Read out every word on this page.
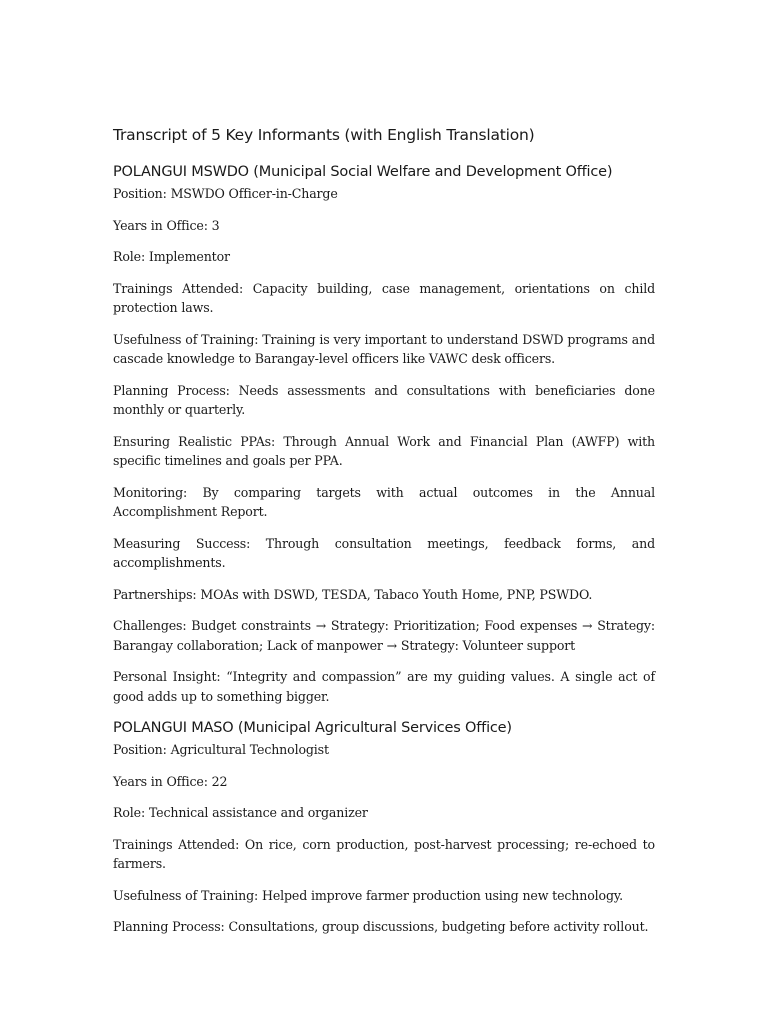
Transcript of 5 Key Informants (with English Translation)
POLANGUI MSWDO (Municipal Social Welfare and Development Office)

Position: MSWDO Officer-in-Charge

Years in Office: 3

Role: Implementor

Trainings Attended: Capacity building, case management, orientations on child protection laws.

Usefulness of Training: Training is very important to understand DSWD programs and cascade knowledge to Barangay-level officers like VAWC desk officers.

Planning Process: Needs assessments and consultations with beneficiaries done monthly or quarterly.

Ensuring Realistic PPAs: Through Annual Work and Financial Plan (AWFP) with specific timelines and goals per PPA.

Monitoring: By comparing targets with actual outcomes in the Annual Accomplishment Report.

Measuring Success: Through consultation meetings, feedback forms, and accomplishments.

Partnerships: MOAs with DSWD, TESDA, Tabaco Youth Home, PNP, PSWDO.

Challenges: Budget constraints → Strategy: Prioritization; Food expenses → Strategy: Barangay collaboration; Lack of manpower → Strategy: Volunteer support

Personal Insight: “Integrity and compassion” are my guiding values. A single act of good adds up to something bigger.

POLANGUI MASO (Municipal Agricultural Services Office)

Position: Agricultural Technologist

Years in Office: 22

Role: Technical assistance and organizer

Trainings Attended: On rice, corn production, post-harvest processing; re-echoed to farmers.

Usefulness of Training: Helped improve farmer production using new technology.

Planning Process: Consultations, group discussions, budgeting before activity rollout.
